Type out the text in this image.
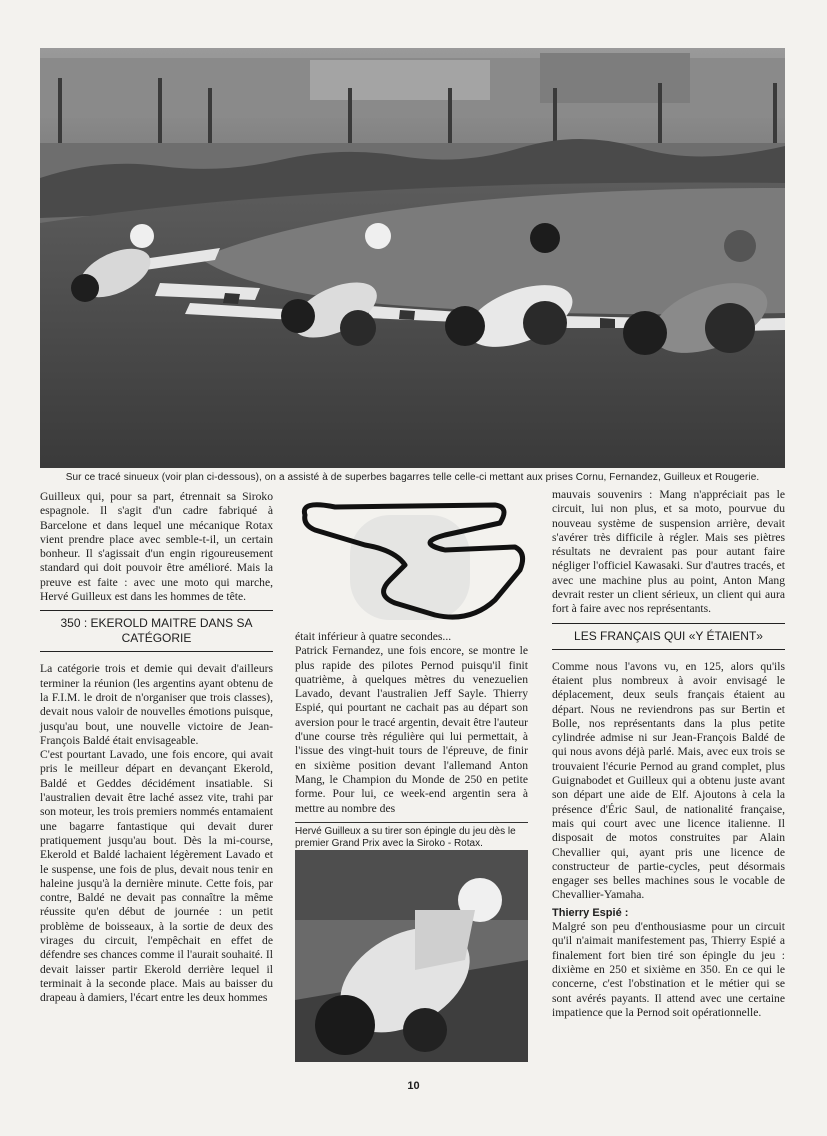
Sur ce tracé sinueux (voir plan ci-dessous), on a assisté à de superbes bagarres telle celle-ci mettant aux prises Cornu, Fernandez, Guilleux et Rougerie.

Guilleux qui, pour sa part, étrennait sa Siroko espagnole. Il s'agit d'un cadre fabriqué à Barcelone et dans lequel une mécanique Rotax vient prendre place avec semble-t-il, un certain bonheur. Il s'agissait d'un engin rigoureusement standard qui doit pouvoir être amélioré. Mais la preuve est faite : avec une moto qui marche, Hervé Guilleux est dans les hommes de tête.

350 : EKEROLD MAITRE DANS SA CATÉGORIE

La catégorie trois et demie qui devait d'ailleurs terminer la réunion (les argentins ayant obtenu de la F.I.M. le droit de n'organiser que trois classes), devait nous valoir de nouvelles émotions puisque, jusqu'au bout, une nouvelle victoire de Jean-François Baldé était envisageable.

C'est pourtant Lavado, une fois encore, qui avait pris le meilleur départ en devançant Ekerold, Baldé et Geddes décidément insatiable. Si l'australien devait être laché assez vite, trahi par son moteur, les trois premiers nommés entamaient une bagarre fantastique qui devait durer pratiquement jusqu'au bout. Dès la mi-course, Ekerold et Baldé lachaient légèrement Lavado et le suspense, une fois de plus, devait nous tenir en haleine jusqu'à la dernière minute. Cette fois, par contre, Baldé ne devait pas connaître la même réussite qu'en début de journée : un petit problème de boisseaux, à la sortie de deux des virages du circuit, l'empêchait en effet de défendre ses chances comme il l'aurait souhaité. Il devait laisser partir Ekerold derrière lequel il terminait à la seconde place. Mais au baisser du drapeau à damiers, l'écart entre les deux hommes

était inférieur à quatre secondes...

Patrick Fernandez, une fois encore, se montre le plus rapide des pilotes Pernod puisqu'il finit quatrième, à quelques mètres du venezuelien Lavado, devant l'australien Jeff Sayle. Thierry Espié, qui pourtant ne cachait pas au départ son aversion pour le tracé argentin, devait être l'auteur d'une course très régulière qui lui permettait, à l'issue des vingt-huit tours de l'épreuve, de finir en sixième position devant l'allemand Anton Mang, le Champion du Monde de 250 en petite forme. Pour lui, ce week-end argentin sera à mettre au nombre des

Hervé Guilleux a su tirer son épingle du jeu dès le premier Grand Prix avec la Siroko - Rotax.

mauvais souvenirs : Mang n'appréciait pas le circuit, lui non plus, et sa moto, pourvue du nouveau système de suspension arrière, devait s'avérer très difficile à régler. Mais ses piètres résultats ne devraient pas pour autant faire négliger l'officiel Kawasaki. Sur d'autres tracés, et avec une machine plus au point, Anton Mang devrait rester un client sérieux, un client qui aura fort à faire avec nos représentants.

LES FRANÇAIS QUI «Y ÉTAIENT»

Comme nous l'avons vu, en 125, alors qu'ils étaient plus nombreux à avoir envisagé le déplacement, deux seuls français étaient au départ. Nous ne reviendrons pas sur Bertin et Bolle, nos représentants dans la plus petite cylindrée admise ni sur Jean-François Baldé de qui nous avons déjà parlé. Mais, avec eux trois se trouvaient l'écurie Pernod au grand complet, plus Guignabodet et Guilleux qui a obtenu juste avant son départ une aide de Elf. Ajoutons à cela la présence d'Éric Saul, de nationalité française, mais qui court avec une licence italienne. Il disposait de motos construites par Alain Chevallier qui, ayant pris une licence de constructeur de partie-cycles, peut désormais engager ses belles machines sous le vocable de Chevallier-Yamaha.

Thierry Espié :

Malgré son peu d'enthousiasme pour un circuit qu'il n'aimait manifestement pas, Thierry Espié a finalement fort bien tiré son épingle du jeu : dixième en 250 et sixième en 350. En ce qui le concerne, c'est l'obstination et le métier qui se sont avérés payants. Il attend avec une certaine impatience que la Pernod soit opérationnelle.

10
